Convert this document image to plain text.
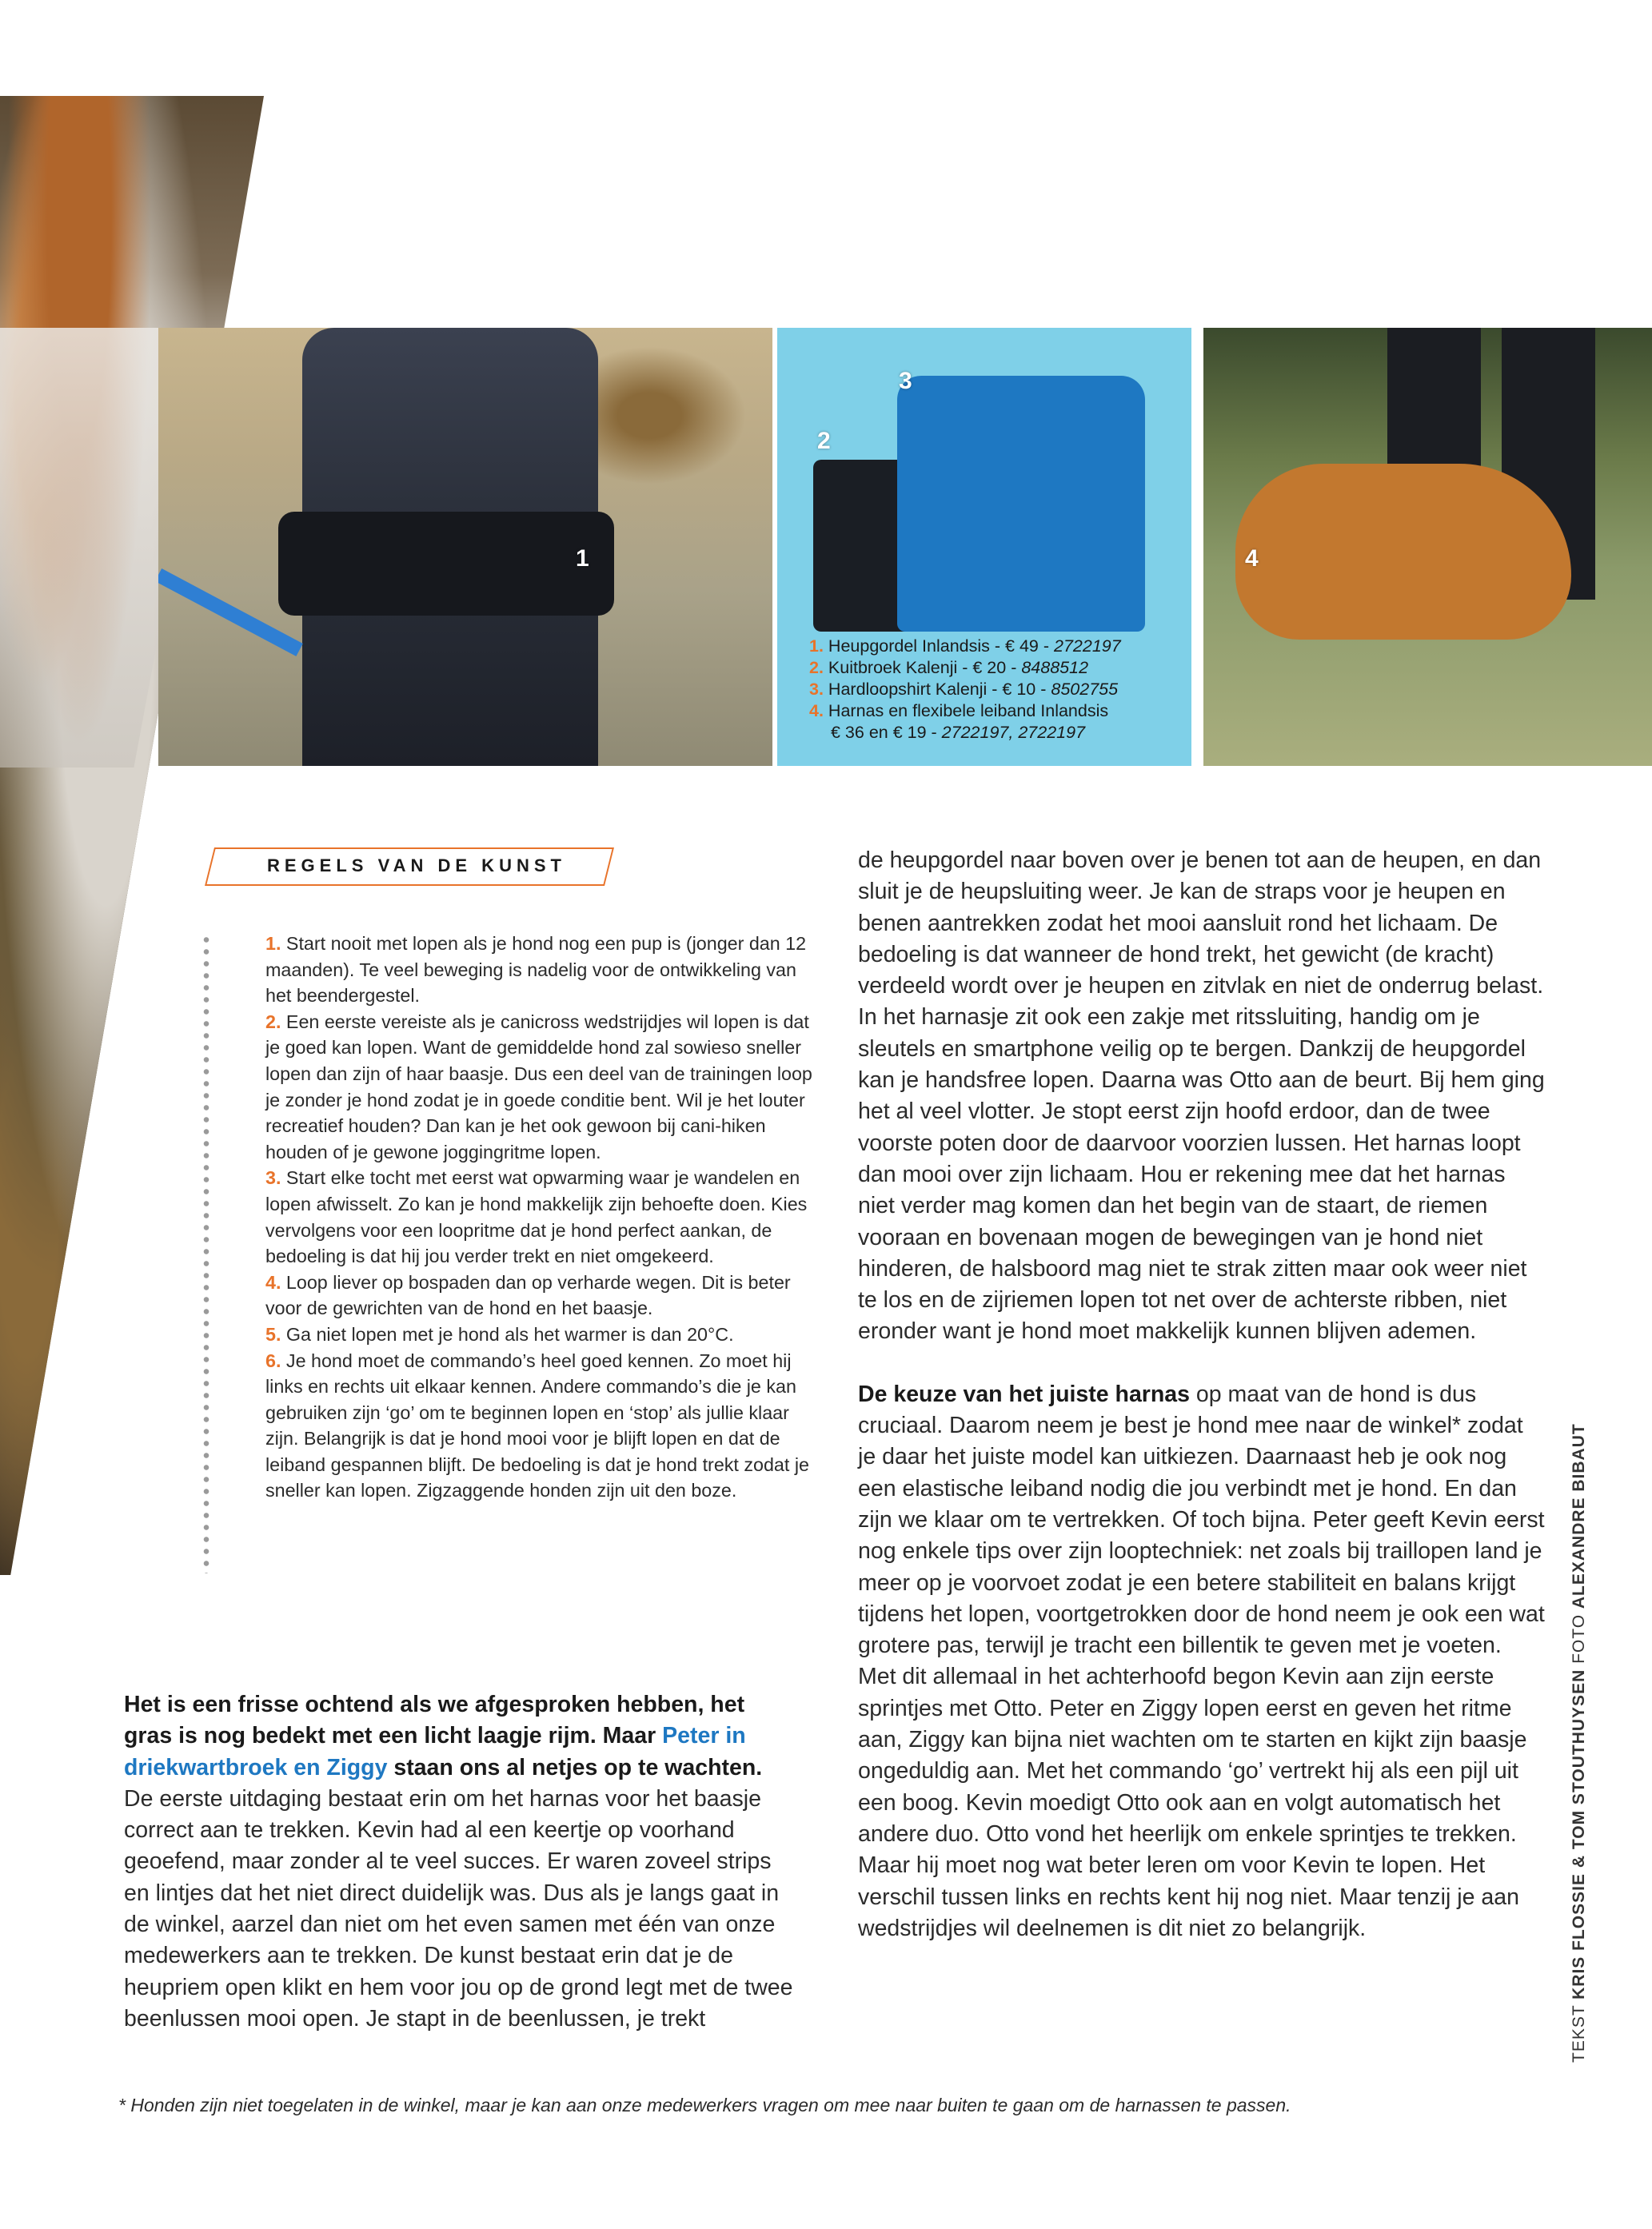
1
2
3
4
1. Heupgordel Inlandsis - € 49 - 2722197
2. Kuitbroek Kalenji - € 20 - 8488512
3. Hardloopshirt Kalenji - € 10 - 8502755
4. Harnas en flexibele leiband Inlandsis
€ 36 en € 19 - 2722197, 2722197
REGELS VAN DE KUNST

1. Start nooit met lopen als je hond nog een pup is (jonger dan 12 maanden). Te veel beweging is nadelig voor de ontwikkeling van het beendergestel.

2. Een eerste vereiste als je canicross wedstrijdjes wil lopen is dat je goed kan lopen. Want de gemiddelde hond zal sowieso sneller lopen dan zijn of haar baasje. Dus een deel van de trainingen loop je zonder je hond zodat je in goede conditie bent. Wil je het louter recreatief houden? Dan kan je het ook gewoon bij cani-hiken houden of je gewone joggingritme lopen.

3. Start elke tocht met eerst wat opwarming waar je wandelen en lopen afwisselt. Zo kan je hond makkelijk zijn behoefte doen. Kies vervolgens voor een loopritme dat je hond perfect aankan, de bedoeling is dat hij jou verder trekt en niet omgekeerd.

4. Loop liever op bospaden dan op verharde wegen. Dit is beter voor de gewrichten van de hond en het baasje.

5. Ga niet lopen met je hond als het warmer is dan 20°C.

6. Je hond moet de commando’s heel goed kennen. Zo moet hij links en rechts uit elkaar kennen. Andere commando’s die je kan gebruiken zijn ‘go’ om te beginnen lopen en ‘stop’ als jullie klaar zijn. Belangrijk is dat je hond mooi voor je blijft lopen en dat de leiband gespannen blijft. De bedoeling is dat je hond trekt zodat je sneller kan lopen. Zigzaggende honden zijn uit den boze.

Het is een frisse ochtend als we afgesproken hebben, het gras is nog bedekt met een licht laagje rijm. Maar Peter in driekwartbroek en Ziggy staan ons al netjes op te wachten. De eerste uitdaging bestaat erin om het harnas voor het baasje correct aan te trekken. Kevin had al een keertje op voorhand geoefend, maar zonder al te veel succes. Er waren zoveel strips en lintjes dat het niet direct duidelijk was. Dus als je langs gaat in de winkel, aarzel dan niet om het even samen met één van onze medewerkers aan te trekken. De kunst bestaat erin dat je de heupriem open klikt en hem voor jou op de grond legt met de twee beenlussen mooi open. Je stapt in de beenlussen, je trekt

de heupgordel naar boven over je benen tot aan de heupen, en dan sluit je de heupsluiting weer. Je kan de straps voor je heupen en benen aantrekken zodat het mooi aansluit rond het lichaam. De bedoeling is dat wanneer de hond trekt, het gewicht (de kracht) verdeeld wordt over je heupen en zitvlak en niet de onderrug belast. In het harnasje zit ook een zakje met ritssluiting, handig om je sleutels en smartphone veilig op te bergen. Dankzij de heupgordel kan je handsfree lopen. Daarna was Otto aan de beurt. Bij hem ging het al veel vlotter. Je stopt eerst zijn hoofd erdoor, dan de twee voorste poten door de daarvoor voorzien lussen. Het harnas loopt dan mooi over zijn lichaam. Hou er rekening mee dat het harnas niet verder mag komen dan het begin van de staart, de riemen vooraan en bovenaan mogen de bewegingen van je hond niet hinderen, de halsboord mag niet te strak zitten maar ook weer niet te los en de zijriemen lopen tot net over de achterste ribben, niet eronder want je hond moet makkelijk kunnen blijven ademen.

De keuze van het juiste harnas op maat van de hond is dus cruciaal. Daarom neem je best je hond mee naar de winkel* zodat je daar het juiste model kan uitkiezen. Daarnaast heb je ook nog een elastische leiband nodig die jou verbindt met je hond. En dan zijn we klaar om te vertrekken. Of toch bijna. Peter geeft Kevin eerst nog enkele tips over zijn looptechniek: net zoals bij traillopen land je meer op je voorvoet zodat je een betere stabiliteit en balans krijgt tijdens het lopen, voortgetrokken door de hond neem je ook een wat grotere pas, terwijl je tracht een billentik te geven met je voeten. Met dit allemaal in het achterhoofd begon Kevin aan zijn eerste sprintjes met Otto. Peter en Ziggy lopen eerst en geven het ritme aan, Ziggy kan bijna niet wachten om te starten en kijkt zijn baasje ongeduldig aan. Met het commando ‘go’ vertrekt hij als een pijl uit een boog. Kevin moedigt Otto ook aan en volgt automatisch het andere duo. Otto vond het heerlijk om enkele sprintjes te trekken. Maar hij moet nog wat beter leren om voor Kevin te lopen. Het verschil tussen links en rechts kent hij nog niet. Maar tenzij je aan wedstrijdjes wil deelnemen is dit niet zo belangrijk.

* Honden zijn niet toegelaten in de winkel, maar je kan aan onze medewerkers vragen om mee naar buiten te gaan om de harnassen te passen.
TEKST KRIS FLOSSIE & TOM STOUTHUYSEN FOTO ALEXANDRE BIBAUT
